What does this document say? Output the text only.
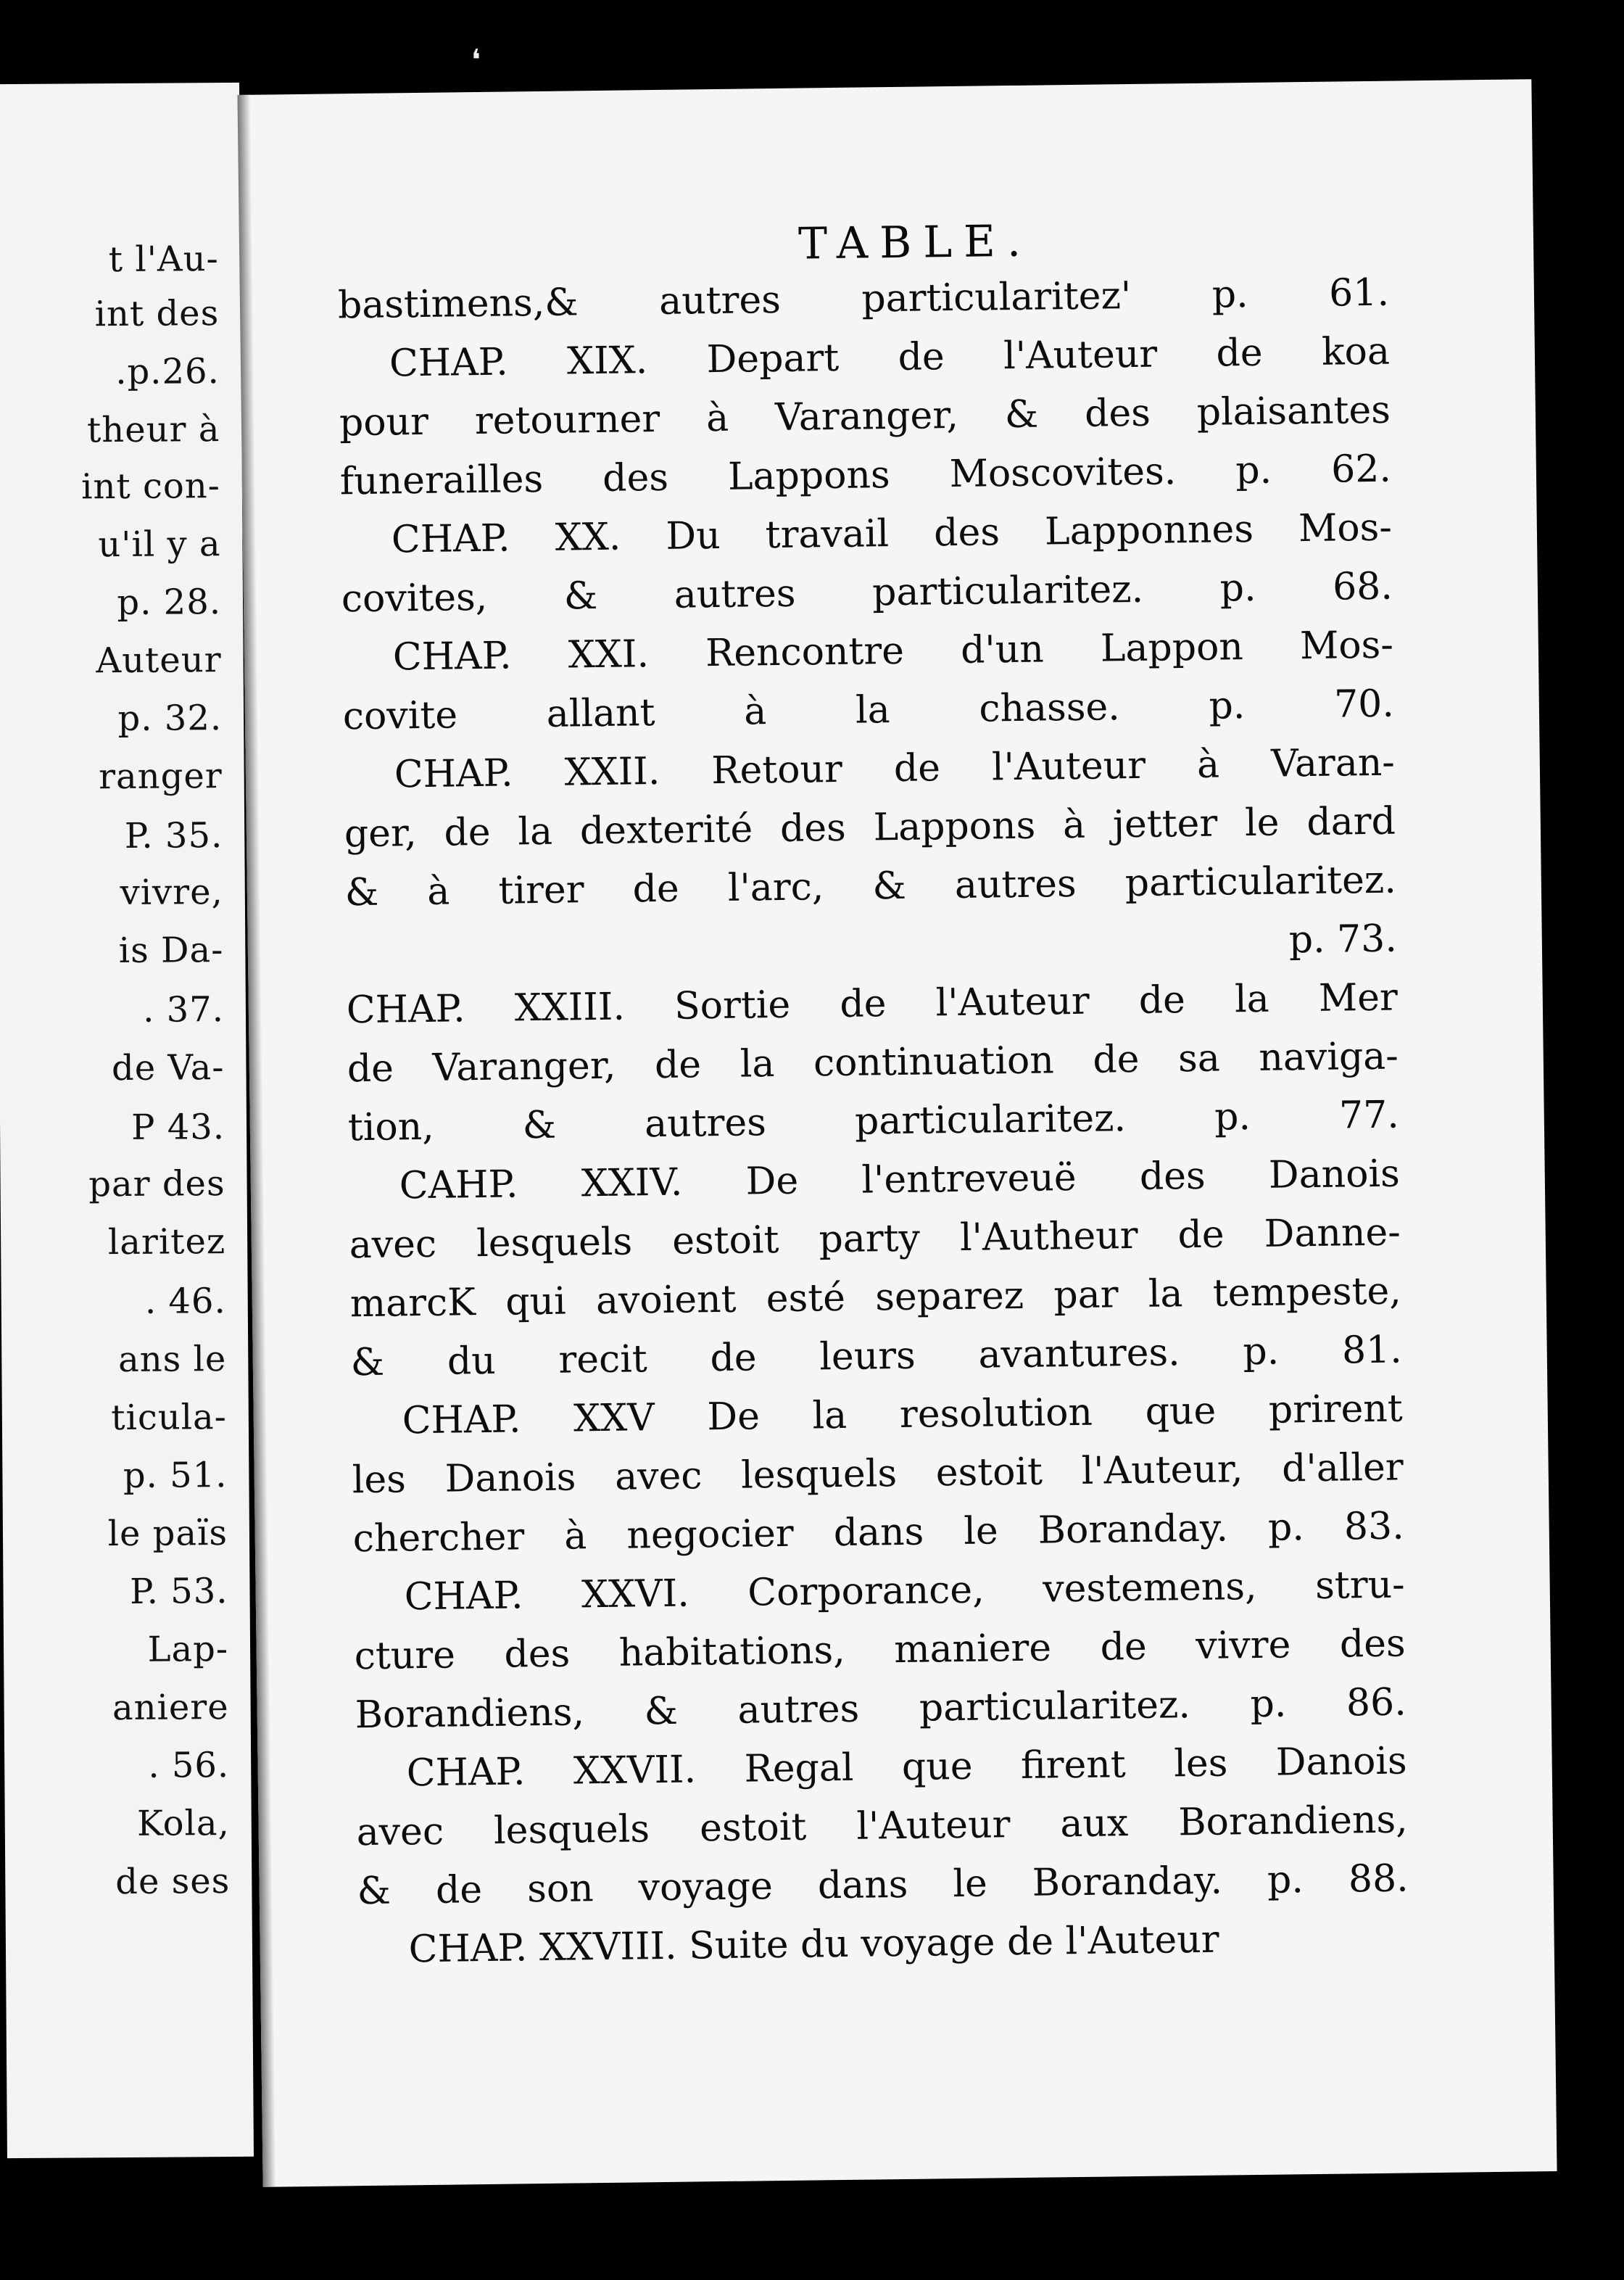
t l'Au-
int des
.p.26.
theur à
int con-
u'il y a
p. 28.
Auteur
p. 32.
ranger
P. 35.
vivre,
is Da-
. 37.
de Va-
P 43.
par des
laritez
. 46.
ans le
ticula-
p. 51.
le païs
P. 53.
Lap-
aniere
. 56.
Kola,
de ses
❛
TABLE.
bastimens,& autres particularitez' p. 61.
CHAP. XIX. Depart de l'Auteur de koa
pour retourner à Varanger, & des plaisantes
funerailles des Lappons Moscovites. p. 62.
CHAP. XX. Du travail des Lapponnes Mos-
covites, & autres particularitez. p. 68.
CHAP. XXI. Rencontre d'un Lappon Mos-
covite allant à la chasse. p. 70.
CHAP. XXII. Retour de l'Auteur à Varan-
ger, de la dexterité des Lappons à jetter le dard
& à tirer de l'arc, & autres particularitez.
p. 73.
CHAP. XXIII. Sortie de l'Auteur de la Mer
de Varanger, de la continuation de sa naviga-
tion, & autres particularitez. p. 77.
CAHP. XXIV. De l'entreveuë des Danois
avec lesquels estoit party l'Autheur de Danne-
marcK qui avoient esté separez par la tempeste,
& du recit de leurs avantures. p. 81.
CHAP. XXV De la resolution que prirent
les Danois avec lesquels estoit l'Auteur, d'aller
chercher à negocier dans le Boranday. p. 83.
CHAP. XXVI. Corporance, vestemens, stru-
cture des habitations, maniere de vivre des
Borandiens, & autres particularitez. p. 86.
CHAP. XXVII. Regal que firent les Danois
avec lesquels estoit l'Auteur aux Borandiens,
& de son voyage dans le Boranday. p. 88.
CHAP. XXVIII. Suite du voyage de l'Auteur
